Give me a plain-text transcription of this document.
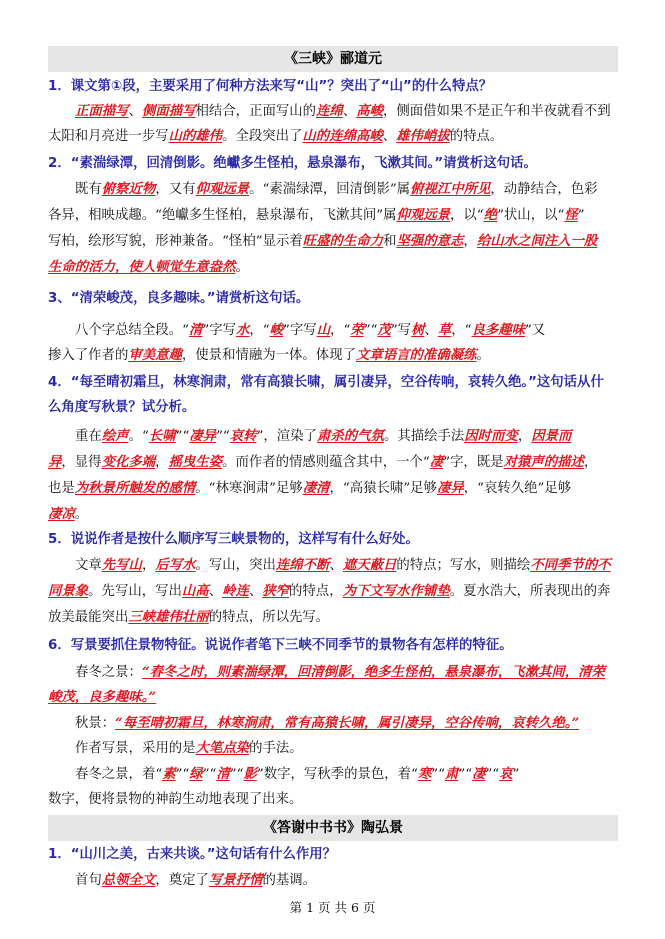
《三峡》郦道元
1．课文第①段，主要采用了何种方法来写“山”？突出了“山”的什么特点？
正面描写、侧面描写相结合，正面写山的连绵、高峻，侧面借如果不是正午和半夜就看不到
太阳和月亮进一步写山的雄伟。全段突出了山的连绵高峻、雄伟峭拔的特点。
2．“素湍绿潭，回清倒影。绝巘多生怪柏，悬泉瀑布，飞漱其间。”请赏析这句话。
既有俯察近物，又有仰观远景。“素湍绿潭，回清倒影”属俯视江中所见，动静结合，色彩
各异，相映成趣。“绝巘多生怪柏，悬泉瀑布，飞漱其间”属仰观远景，以“绝”状山，以“怪”
写柏，绘形写貌，形神兼备。“怪柏”显示着旺盛的生命力和坚强的意志，给山水之间注入一股
生命的活力，使人顿觉生意盎然。
3、“清荣峻茂，良多趣味。”请赏析这句话。
八个字总结全段。“清”字写水，“峻”字写山，“荣”“茂”写树、草，“良多趣味”又
掺入了作者的审美意趣，使景和情融为一体。体现了文章语言的准确凝练。
4．“每至晴初霜旦，林寒涧肃，常有高猿长啸，属引凄异，空谷传响，哀转久绝。”这句话从什
么角度写秋景？试分析。
重在绘声。“长啸”“凄异”“哀转”，渲染了肃杀的气氛。其描绘手法因时而变，因景而
异，显得变化多端，摇曳生姿。而作者的情感则蕴含其中，一个“凄”字，既是对猿声的描述，
也是为秋景所触发的感情。“林寒涧肃”足够凄清，“高猿长啸”足够凄异，“哀转久绝”足够
凄凉。
5．说说作者是按什么顺序写三峡景物的，这样写有什么好处。
文章先写山，后写水。写山，突出连绵不断、遮天蔽日的特点；写水，则描绘不同季节的不
同景象。先写山，写出山高、岭连、狭窄的特点，为下文写水作铺垫。夏水浩大，所表现出的奔
放美最能突出三峡雄伟壮丽的特点，所以先写。
6．写景要抓住景物特征。说说作者笔下三峡不同季节的景物各有怎样的特征。
春冬之景：“春冬之时，则素湍绿潭，回清倒影，绝多生怪柏，悬泉瀑布，飞漱其间，清荣
峻茂，良多趣味。”
秋景：“每至晴初霜旦，林寒涧肃，常有高猿长啸，属引凄异，空谷传响，哀转久绝。”
作者写景，采用的是大笔点染的手法。
春冬之景，着“素”“绿”“清”“影”数字，写秋季的景色，着“寒”“肃”“凄”“哀”
数字，便将景物的神韵生动地表现了出来。
《答谢中书书》陶弘景
1．“山川之美，古来共谈。”这句话有什么作用？
首句总领全文，奠定了写景抒情的基调。
第 1 页 共 6 页
